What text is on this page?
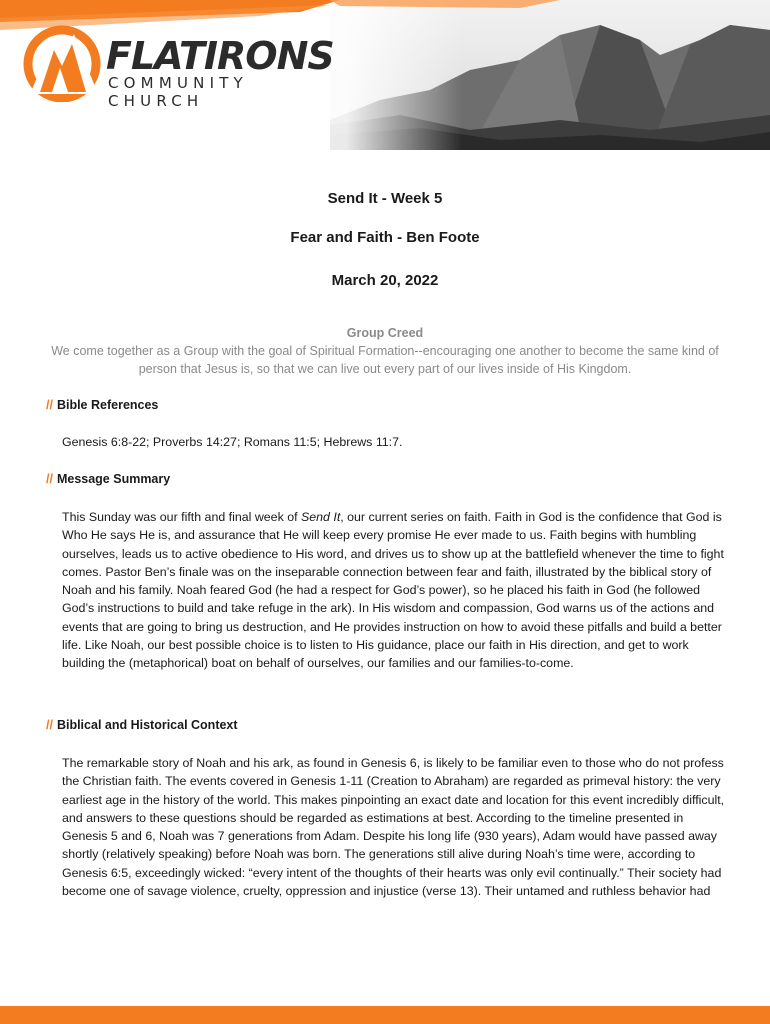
FLATIRONS
COMMUNITY CHURCH
Send It - Week 5
Fear and Faith - Ben Foote
March 20, 2022
Group Creed
We come together as a Group with the goal of Spiritual Formation--encouraging one another to become the same kind of person that Jesus is, so that we can live out every part of our lives inside of His Kingdom.
// Bible References
Genesis 6:8-22; Proverbs 14:27; Romans 11:5; Hebrews 11:7.
// Message Summary
This Sunday was our fifth and final week of Send It, our current series on faith. Faith in God is the confidence that God is Who He says He is, and assurance that He will keep every promise He ever made to us. Faith begins with humbling ourselves, leads us to active obedience to His word, and drives us to show up at the battlefield whenever the time to fight comes. Pastor Ben’s finale was on the inseparable connection between fear and faith, illustrated by the biblical story of Noah and his family. Noah feared God (he had a respect for God’s power), so he placed his faith in God (he followed God’s instructions to build and take refuge in the ark). In His wisdom and compassion, God warns us of the actions and events that are going to bring us destruction, and He provides instruction on how to avoid these pitfalls and build a better life. Like Noah, our best possible choice is to listen to His guidance, place our faith in His direction, and get to work building the (metaphorical) boat on behalf of ourselves, our families and our families-to-come.
// Biblical and Historical Context
The remarkable story of Noah and his ark, as found in Genesis 6, is likely to be familiar even to those who do not profess the Christian faith. The events covered in Genesis 1-11 (Creation to Abraham) are regarded as primeval history: the very earliest age in the history of the world. This makes pinpointing an exact date and location for this event incredibly difficult, and answers to these questions should be regarded as estimations at best. According to the timeline presented in Genesis 5 and 6, Noah was 7 generations from Adam. Despite his long life (930 years), Adam would have passed away shortly (relatively speaking) before Noah was born. The generations still alive during Noah’s time were, according to Genesis 6:5, exceedingly wicked: “every intent of the thoughts of their hearts was only evil continually.” Their society had become one of savage violence, cruelty, oppression and injustice (verse 13). Their untamed and ruthless behavior had
